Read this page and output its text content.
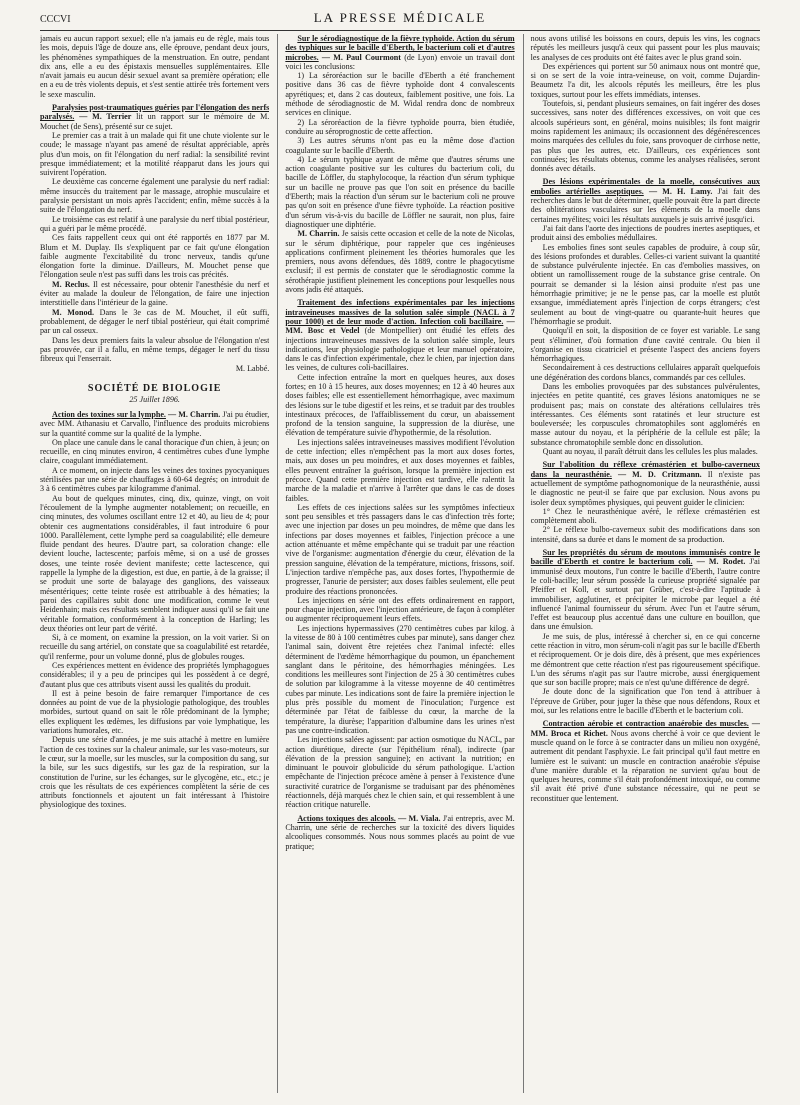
CCCVI	LA PRESSE MÉDICALE

jamais eu aucun rapport sexuel; elle n'a jamais eu de règle, mais tous les mois, depuis l'âge de douze ans, elle éprouve, pendant deux jours, les phénomènes sympathiques de la menstruation. En outre, pendant dix ans, elle a eu des épistaxis mensuelles supplémentaires. Elle n'avait jamais eu aucun désir sexuel avant sa première opération; elle en a eu de très violents depuis, et s'est sentie attirée très fortement vers le sexe masculin.

Paralysies post-traumatiques guéries par l'élongation des nerfs paralysés. — M. Terrier lit un rapport sur le mémoire de M. Mouchet (de Sens), présenté sur ce sujet.

Le premier cas a trait à un malade qui fit une chute violente sur le coude; le massage n'ayant pas amené de résultat appréciable, après plus d'un mois, on fit l'élongation du nerf radial: la sensibilité revint presque immédiatement; et la motilité réapparut dans les jours qui suivirent l'opération.

Le deuxième cas concerne également une paralysie du nerf radial: même insuccès du traitement par le massage, atrophie musculaire et paralysie persistant un mois après l'accident; enfin, même succès à la suite de l'élongation du nerf.

Le troisième cas est relatif à une paralysie du nerf tibial postérieur, qui a guéri par le même procédé.

Ces faits rappellent ceux qui ont été rapportés en 1877 par M. Blum et M. Duplay. Ils s'expliquent par ce fait qu'une élongation faible augmente l'excitabilité du tronc nerveux, tandis qu'une élongation forte la diminue. D'ailleurs, M. Mouchet pense que l'élongation seule n'est pas suffi dans les trois cas précités.

M. Reclus. Il est nécessaire, pour obtenir l'anesthésie du nerf et éviter au malade la douleur de l'élongation, de faire une injection interstitielle dans l'intérieur de la gaine.

M. Monod. Dans le 3e cas de M. Mouchet, il eût suffi, probablement, de dégager le nerf tibial postérieur, qui était comprimé par un cal osseux.

Dans les deux premiers faits la valeur absolue de l'élongation n'est pas prouvée, car il a fallu, en même temps, dégager le nerf du tissu fibreux qui l'enserrait.

M. Labbé.

SOCIÉTÉ DE BIOLOGIE

25 Juillet 1896.

Action des toxines sur la lymphe. — M. Charrin. J'ai pu étudier, avec MM. Athanasiu et Carvallo, l'influence des produits microbiens sur la quantité comme sur la qualité de la lymphe.

On place une canule dans le canal thoracique d'un chien, à jeun; on recueille, en cinq minutes environ, 4 centimètres cubes d'une lymphe claire, coagulant immédiatement.

A ce moment, on injecte dans les veines des toxines pyocyaniques stérilisées par une série de chauffages à 60-64 degrés; on introduit de 3 à 6 centimètres cubes par kilogramme d'animal.

Au bout de quelques minutes, cinq, dix, quinze, vingt, on voit l'écoulement de la lymphe augmenter notablement; on recueille, en cinq minutes, des volumes oscillant entre 12 et 40, au lieu de 4; pour obtenir ces augmentations considérables, il faut introduire 6 pour 1000. Parallèlement, cette lymphe perd sa coagulabilité; elle demeure fluide pendant des heures. D'autre part, sa coloration change: elle devient louche, lactescente; parfois même, si on a usé de grosses doses, une teinte rosée devient manifeste; cette lactescence, qui rappelle la lymphe de la digestion, est due, en partie, à de la graisse; il se produit une sorte de balayage des ganglions, des vaisseaux mésentériques; cette teinte rosée est attribuable à des hématies; la paroi des capillaires subit donc une modification, comme le veut Heidenhain; mais ces résultats semblent indiquer aussi qu'il se fait une véritable formation, conformément à la conception de Harling; les deux théories ont leur part de vérité.

Si, à ce moment, on examine la pression, on la voit varier. Si on recueille du sang artériel, on constate que sa coagulabilité est retardée, qu'il renferme, pour un volume donné, plus de globules rouges.

Ces expériences mettent en évidence des propriétés lymphagogues considérables; il y a peu de principes qui les possèdent à ce degré, d'autant plus que ces attributs visent aussi les qualités du produit.

Il est à peine besoin de faire remarquer l'importance de ces données au point de vue de la physiologie pathologique, des troubles morbides, surtout quand on sait le rôle prédominant de la lymphe; elles expliquent les œdèmes, les diffusions par voie lymphatique, les variations humorales, etc.

Depuis une série d'années, je me suis attaché à mettre en lumière l'action de ces toxines sur la chaleur animale, sur les vaso-moteurs, sur le cœur, sur la moelle, sur les muscles, sur la composition du sang, sur la bile, sur les sucs digestifs, sur les gaz de la respiration, sur la constitution de l'urine, sur les échanges, sur le glycogène, etc., etc.; je crois que les résultats de ces expériences complètent la série de ces attributs fonctionnels et ajoutent un fait intéressant à l'histoire physiologique des toxines.

Sur le sérodiagnostique de la fièvre typhoïde. Action du sérum des typhiques sur le bacille d'Eberth, le bacterium coli et d'autres microbes. — M. Paul Courmont (de Lyon) envoie un travail dont voici les conclusions:

1) La séroréaction sur le bacille d'Eberth a été franchement positive dans 36 cas de fièvre typhoïde dont 4 convalescents apyrétiques; et, dans 2 cas douteux, faiblement positive, une fois. La méthode de sérodiagnostic de M. Widal rendra donc de nombreux services en clinique.

2) La séroréaction de la fièvre typhoïde pourra, bien étudiée, conduire au séroprognostic de cette affection.

3) Les autres sérums n'ont pas eu la même dose d'action coagulante sur le bacille d'Eberth.

4) Le sérum typhique ayant de même que d'autres sérums une action coagulante positive sur les cultures du bacterium coli, du bacille de Löffler, du staphylocoque, la réaction d'un sérum typhique sur un bacille ne prouve pas que l'on soit en présence du bacille d'Eberth; mais la réaction d'un sérum sur le bacterium coli ne prouve pas qu'on soit en présence d'une fièvre typhoïde. La réaction positive d'un sérum vis-à-vis du bacille de Löffler ne saurait, non plus, faire diagnostiquer une diphtérie.

M. Charrin. Je saisis cette occasion et celle de la note de Nicolas, sur le sérum diphtérique, pour rappeler que ces ingénieuses applications confirment pleinement les théories humorales que les premiers, nous avons défendues, dès 1889, contre le phagocytisme exclusif; il est permis de constater que le sérodiagnostic comme la sérothérapie justifient pleinement les conceptions pour lesquelles nous avons jadis été attaqués.

Traitement des infections expérimentales par les injections intraveineuses massives de la solution salée simple (NACL à 7 pour 1000) et de leur mode d'action. Infection coli bacillaire. — MM. Bosc et Vedel (de Montpellier) ont étudié les effets des injections intraveineuses massives de la solution salée simple, leurs indications, leur physiologie pathologique et leur manuel opératoire, dans le cas d'infection expérimentale, chez le chien, par injection dans les veines, de cultures coli-bacillaires.

Cette infection entraîne la mort en quelques heures, aux doses fortes; en 10 à 15 heures, aux doses moyennes; en 12 à 40 heures aux doses faibles; elle est essentiellement hémorrhagique, avec maximum des lésions sur le tube digestif et les reins, et se traduit par des troubles intestinaux précoces, de l'affaiblissement du cœur, un abaissement profond de la tension sanguine, la suppression de la diurèse, une élévation de température suivie d'hypothermie, de la résolution.

Les injections salées intraveineuses massives modifient l'évolution de cette infection; elles n'empêchent pas la mort aux doses fortes, mais, aux doses un peu moindres, et aux doses moyennes et faibles, elles peuvent entraîner la guérison, lorsque la première injection est précoce. Quand cette première injection est tardive, elle ralentit la marche de la maladie et n'arrive à l'arrêter que dans le cas de doses faibles.

Les effets de ces injections salées sur les symptômes infectieux sont peu sensibles et très passagers dans le cas d'infection très forte; avec une injection par doses un peu moindres, de même que dans les infections par doses moyennes et faibles, l'injection précoce a une action atténuante et même empêchante qui se traduit par une réaction vive de l'organisme: augmentation d'énergie du cœur, élévation de la pression sanguine, élévation de la température, mictions, frissons, soif. L'injection tardive n'empêche pas, aux doses fortes, l'hypothermie de progresser, l'anurie de persister; aux doses faibles seulement, elle peut produire des réactions prononcées.

Les injections en série ont des effets ordinairement en rapport, pour chaque injection, avec l'injection antérieure, de façon à compléter ou augmenter réciproquement leurs effets.

Les injections hypermassives (270 centimètres cubes par kilog. à la vitesse de 80 à 100 centimètres cubes par minute), sans danger chez l'animal sain, doivent être rejetées chez l'animal infecté: elles déterminent de l'œdème hémorrhagique du poumon, un épanchement sanglant dans le péritoine, des hémorrhagies méningées. Les conditions les meilleures sont l'injection de 25 à 30 centimètres cubes de solution par kilogramme à la vitesse moyenne de 40 centimètres cubes par minute. Les indications sont de faire la première injection le plus près possible du moment de l'inoculation; l'urgence est déterminée par l'état de faiblesse du cœur, la marche de la température, la diurèse; l'apparition d'albumine dans les urines n'est pas une contre-indication.

Les injections salées agissent: par action osmotique du NACL, par action diurétique, directe (sur l'épithélium rénal), indirecte (par élévation de la pression sanguine); en activant la nutrition; en diminuant le pouvoir globulicide du sérum pathologique. L'action empêchante de l'injection précoce amène à penser à l'existence d'une suractivité curatrice de l'organisme se traduisant par des phénomènes réactionnels, déjà marqués chez le chien sain, et qui ressemblent à une réaction critique naturelle.

Actions toxiques des alcools. — M. Viala. J'ai entrepris, avec M. Charrin, une série de recherches sur la toxicité des divers liquides alcooliques consommés. Nous nous sommes placés au point de vue pratique;

nous avons utilisé les boissons en cours, depuis les vins, les cognacs réputés les meilleurs jusqu'à ceux qui passent pour les plus mauvais; les analyses de ces produits ont été faites avec le plus grand soin.

Des expériences qui portent sur 50 animaux nous ont montré que, si on se sert de la voie intra-veineuse, on voit, comme Dujardin-Beaumetz l'a dit, les alcools réputés les meilleurs, être les plus toxiques, surtout pour les effets immédiats, intenses.

Toutefois, si, pendant plusieurs semaines, on fait ingérer des doses successives, sans noter des différences excessives, on voit que ces alcools supérieurs sont, en général, moins nuisibles; ils font maigrir moins rapidement les animaux; ils occasionnent des dégénérescences moins marquées des cellules du foie, sans provoquer de cirrhose nette, pas plus que les autres, etc. D'ailleurs, ces expériences sont continuées; les résultats obtenus, comme les analyses réalisées, seront donnés avec détails.

Des lésions expérimentales de la moelle, consécutives aux embolies artérielles aseptiques. — M. H. Lamy. J'ai fait des recherches dans le but de déterminer, quelle pouvait être la part directe des oblitérations vasculaires sur les éléments de la moelle dans certaines myélites; voici les résultats auxquels je suis arrivé jusqu'ici.

J'ai fait dans l'aorte des injections de poudres inertes aseptiques, et produit ainsi des embolies médullaires.

Les embolies fines sont seules capables de produire, à coup sûr, des lésions profondes et durables. Celles-ci varient suivant la quantité de substance pulvérulente injectée. En cas d'embolies massives, on obtient un ramollissement rouge de la substance grise centrale. On pourrait se demander si la lésion ainsi produite n'est pas une hémorrhagie primitive; je ne le pense pas, car la moelle est plutôt exsangue, immédiatement après l'injection de corps étrangers; c'est seulement au bout de vingt-quatre ou quarante-huit heures que l'hémorrhagie se produit.

Quoiqu'il en soit, la disposition de ce foyer est variable. Le sang peut s'éliminer, d'où formation d'une cavité centrale. Ou bien il s'organise en tissu cicatriciel et présente l'aspect des anciens foyers hémorrhagiques.

Secondairement à ces destructions cellulaires apparaît quelquefois une dégénération des cordons blancs, commandés par ces cellules.

Dans les embolies provoquées par des substances pulvérulentes, injectées en petite quantité, ces graves lésions anatomiques ne se produisent pas; mais on constate des altérations cellulaires très intéressantes. Ces éléments sont ratatinés et leur structure est bouleversée; les corpuscules chromatophiles sont agglomérés en masse autour du noyau, et la périphérie de la cellule est pâle; la substance chromatophile semble donc en dissolution.

Quant au noyau, il paraît détruit dans les cellules les plus malades.

Sur l'abolition du réflexe crémastérien et bulbo-caverneux dans la neurasthénie. — M. D. Critzmann. Il n'existe pas actuellement de symptôme pathognomonique de la neurasthénie, aussi le diagnostic ne peut-il se faire que par exclusion. Nous avons pu isoler deux symptômes physiques, qui peuvent guider le clinicien:

1° Chez le neurasthénique avéré, le réflexe crémastérien est complètement aboli.

2° Le réflexe bulbo-caverneux subit des modifications dans son intensité, dans sa durée et dans le moment de sa production.

Sur les propriétés du sérum de moutons immunisés contre le bacille d'Eberth et contre le bacterium coli. — M. Rodet. J'ai immunisé deux moutons, l'un contre le bacille d'Eberth, l'autre contre le coli-bacille; leur sérum possède la curieuse propriété signalée par Pfeiffer et Koll, et surtout par Grüber, c'est-à-dire l'aptitude à immobiliser, agglutiner, et précipiter le microbe par lequel a été influencé l'animal fournisseur du sérum. Avec l'un et l'autre sérum, l'effet est beaucoup plus accentué dans une culture en bouillon, que dans une émulsion.

Je me suis, de plus, intéressé à chercher si, en ce qui concerne cette réaction in vitro, mon sérum-coli n'agit pas sur le bacille d'Eberth et réciproquement. Or je dois dire, dès à présent, que mes expériences me démontrent que cette réaction n'est pas rigoureusement spécifique. L'un des sérums n'agit pas sur l'autre microbe, aussi énergiquement que sur son bacille propre; mais ce n'est qu'une différence de degré.

Je doute donc de la signification que l'on tend à attribuer à l'épreuve de Grüber, pour juger la thèse que nous défendons, Roux et moi, sur les relations entre le bacille d'Eberth et le bacterium coli.

Contraction aérobie et contraction anaérobie des muscles. — MM. Broca et Richet. Nous avons cherché à voir ce que devient le muscle quand on le force à se contracter dans un milieu non oxygéné, autrement dit pendant l'asphyxie. Le fait principal qu'il faut mettre en lumière est le suivant: un muscle en contraction anaérobie s'épuise d'une manière durable et la réparation ne survient qu'au bout de quelques heures, comme s'il était profondément intoxiqué, ou comme s'il avait été privé d'une substance nécessaire, qui ne peut se reconstituer que lentement.
